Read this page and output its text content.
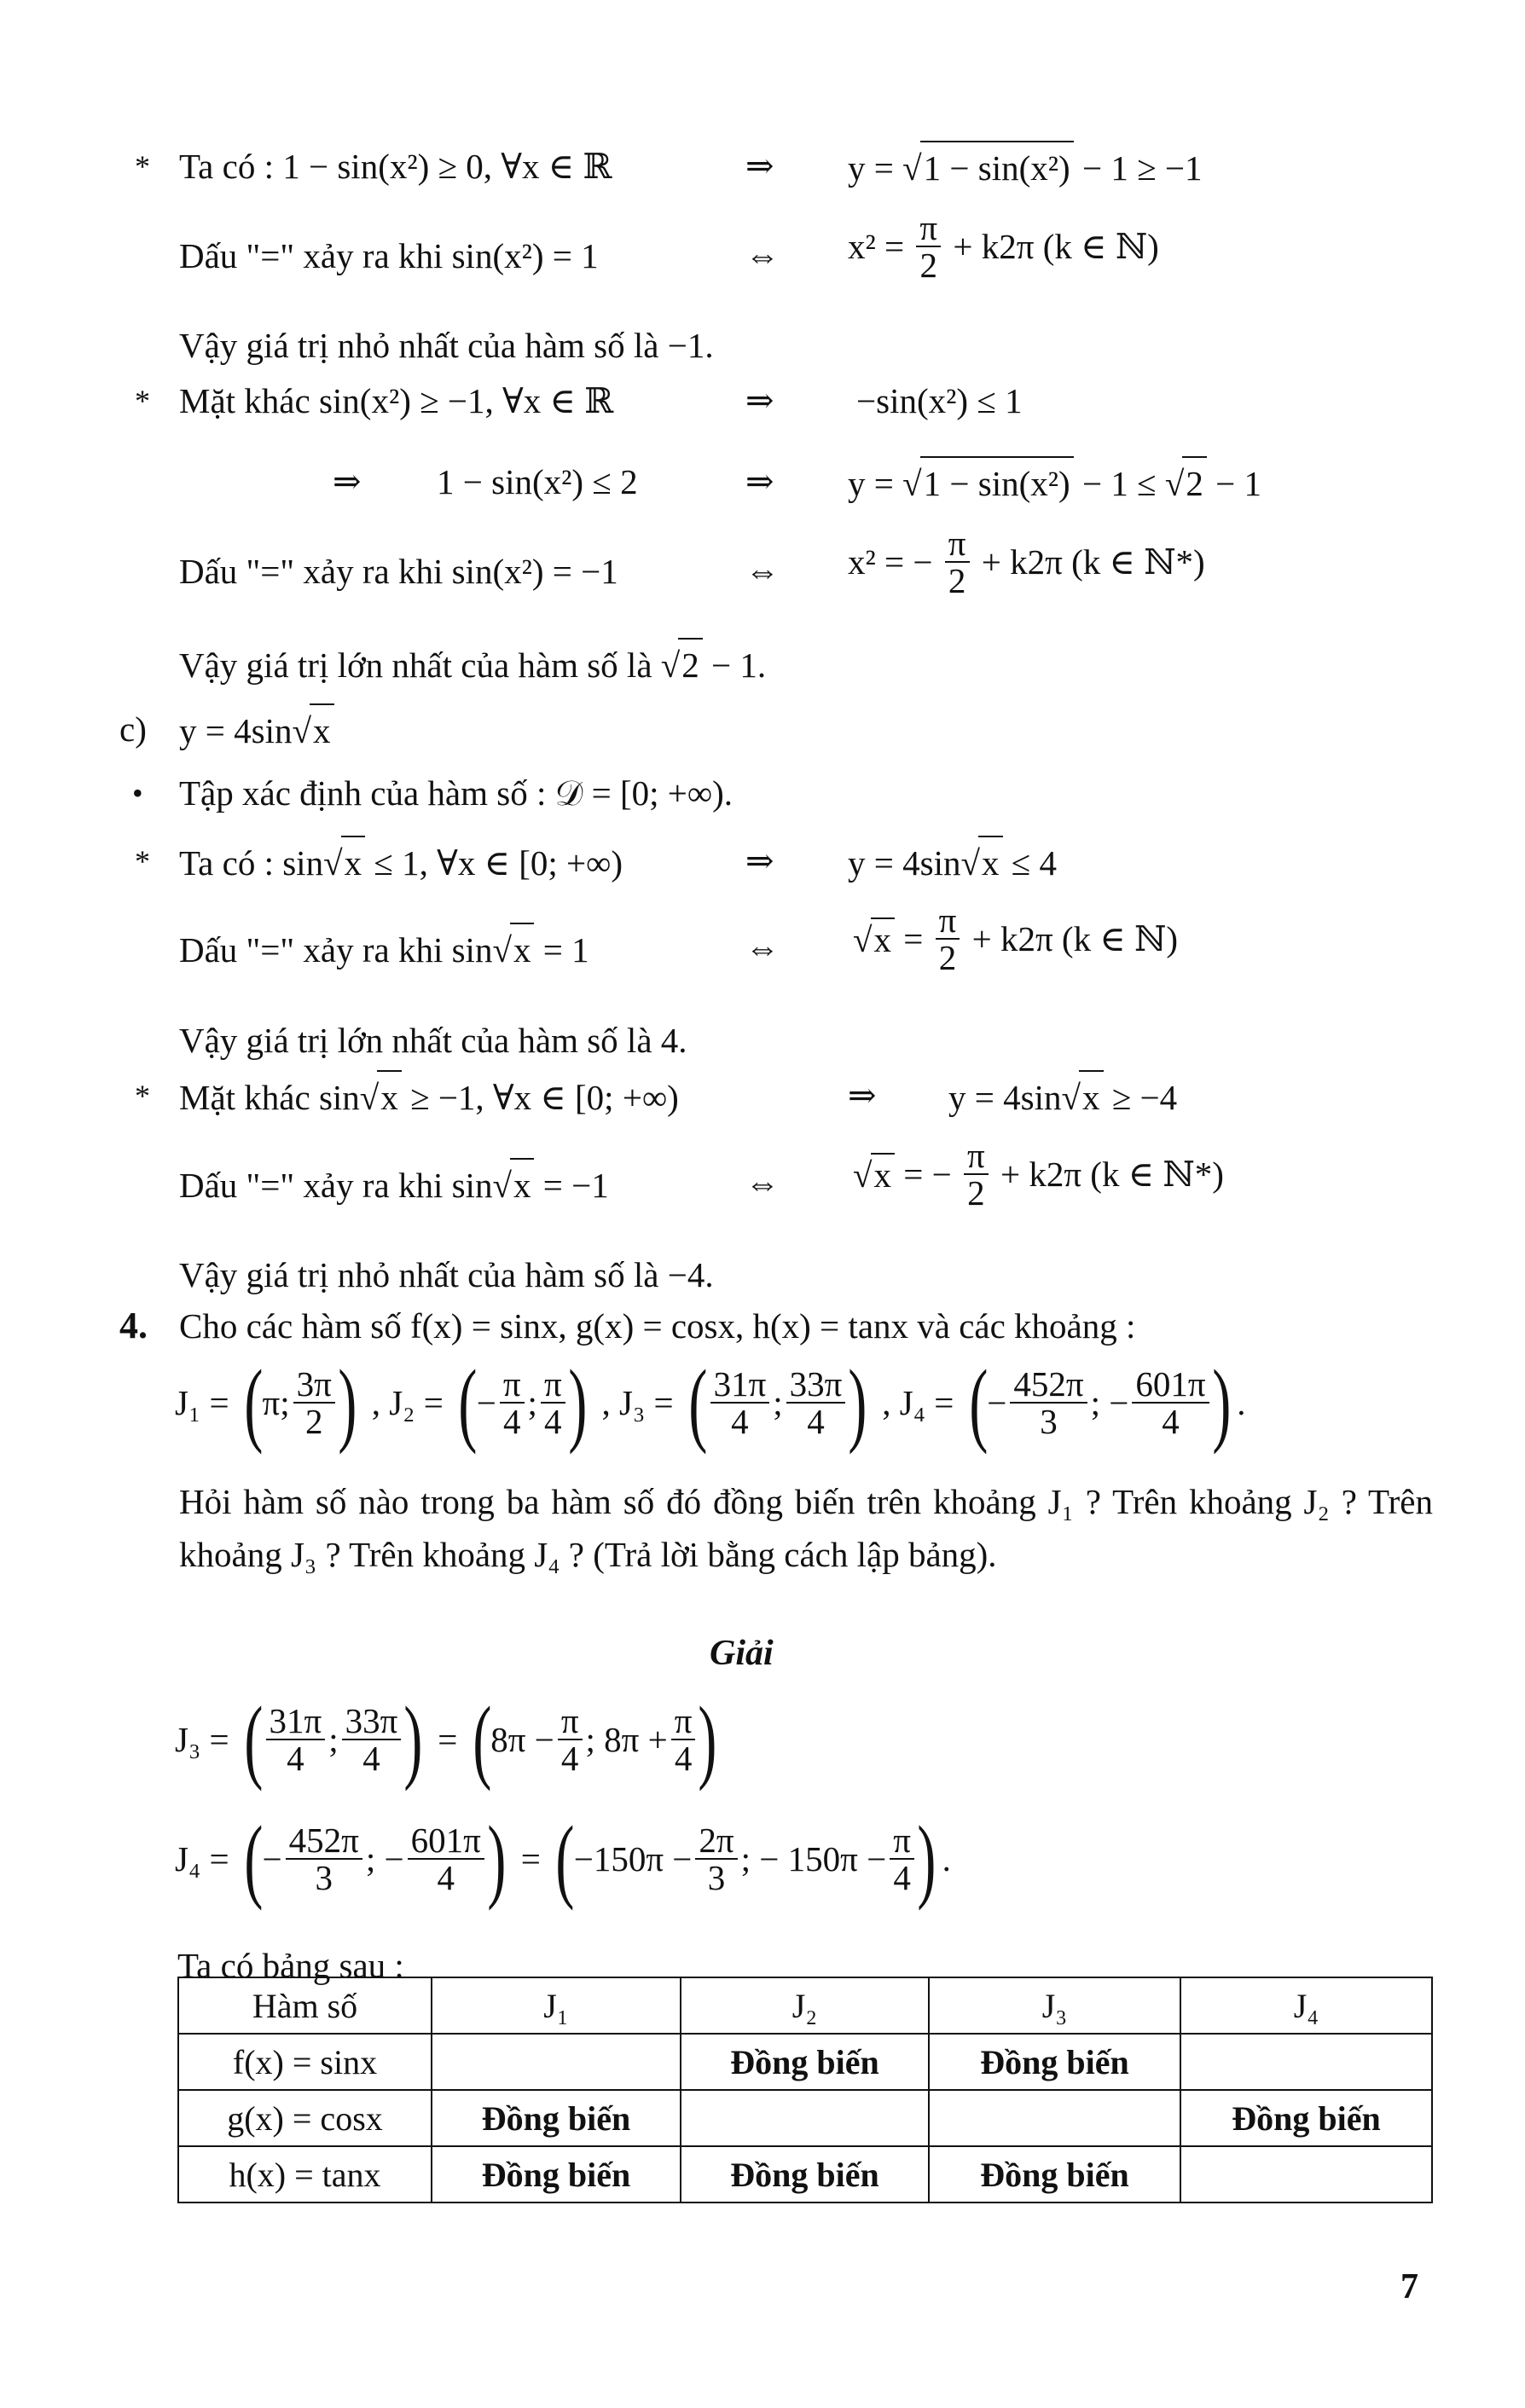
* Ta có : 1 − sin(x²) ≥ 0, ∀x ∈ ℝ	⇒ y = √1 − sin(x²) − 1 ≥ −1
Dấu "=" xảy ra khi sin(x²) = 1	⇔ $x^2 = \frac{\pi}{2} + k2\pi$ (k ∈ ℕ)
Vậy giá trị nhỏ nhất của hàm số là −1.
* Mặt khác sin(x²) ≥ −1, ∀x ∈ ℝ	⇒ −sin(x²) ≤ 1
⇒ 1 − sin(x²) ≤ 2	⇒ y = √1 − sin(x²) − 1 ≤ √2 − 1
Dấu "=" xảy ra khi sin(x²) = −1	⇔ x² = − $\frac{\pi}{2} + k2\pi$ (k ∈ ℕ*)
Vậy giá trị lớn nhất của hàm số là √2 − 1.
c) y = 4sin√x
• Tập xác định của hàm số : 𝒟 = [0; +∞).
* Ta có : sin√x ≤ 1, ∀x ∈ [0; +∞)	⇒ y = 4sin√x ≤ 4
Dấu "=" xảy ra khi sin√x = 1	⇔ $√x = \frac{\pi}{2} + k2\pi$ (k ∈ ℕ)
Vậy giá trị lớn nhất của hàm số là 4.
* Mặt khác sin√x ≥ −1, ∀x ∈ [0; +∞)	⇒ y = 4sin√x ≥ −4
Dấu "=" xảy ra khi sin√x = −1	⇔ √x = − $\frac{\pi}{2} + k2\pi$ (k ∈ ℕ*)
Vậy giá trị nhỏ nhất của hàm số là −4.
4. Cho các hàm số f(x) = sinx, g(x) = cosx, h(x) = tanx và các khoảng :
J₁ = (π; $\frac{3\pi}{2}$ ) , J₂ = (− $\frac{\pi}{4}$ ; $\frac{\pi}{4}$ ) , J₃ = ( $\frac{31\pi}{4}$ ; $\frac{33\pi}{4}$ ) , J₄ = (− $\frac{452\pi}{3}$ ; − $\frac{601\pi}{4}$ ) .
Hỏi hàm số nào trong ba hàm số đó đồng biến trên khoảng J₁ ? Trên khoảng J₂ ? Trên khoảng J₃ ? Trên khoảng J₄ ? (Trả lời bằng cách lập bảng).
Giải
J₃ = ( $\frac{31\pi}{4}$ ; $\frac{33\pi}{4}$ ) = ($8\pi - \frac{\pi}{4}$ ; $8\pi + \frac{\pi}{4}$ )
J₄ = (− $\frac{452\pi}{3}$ ; − $\frac{601\pi}{4}$ ) = ($-150\pi - \frac{2\pi}{3}$ ; − $150\pi - \frac{\pi}{4}$ ) .
Ta có bảng sau :
Hàm số	J₁	J₂	J₃	J₄
f(x) = sinx		Đồng biến	Đồng biến	
g(x) = cosx	Đồng biến			Đồng biến
h(x) = tanx	Đồng biến	Đồng biến	Đồng biến	
7
